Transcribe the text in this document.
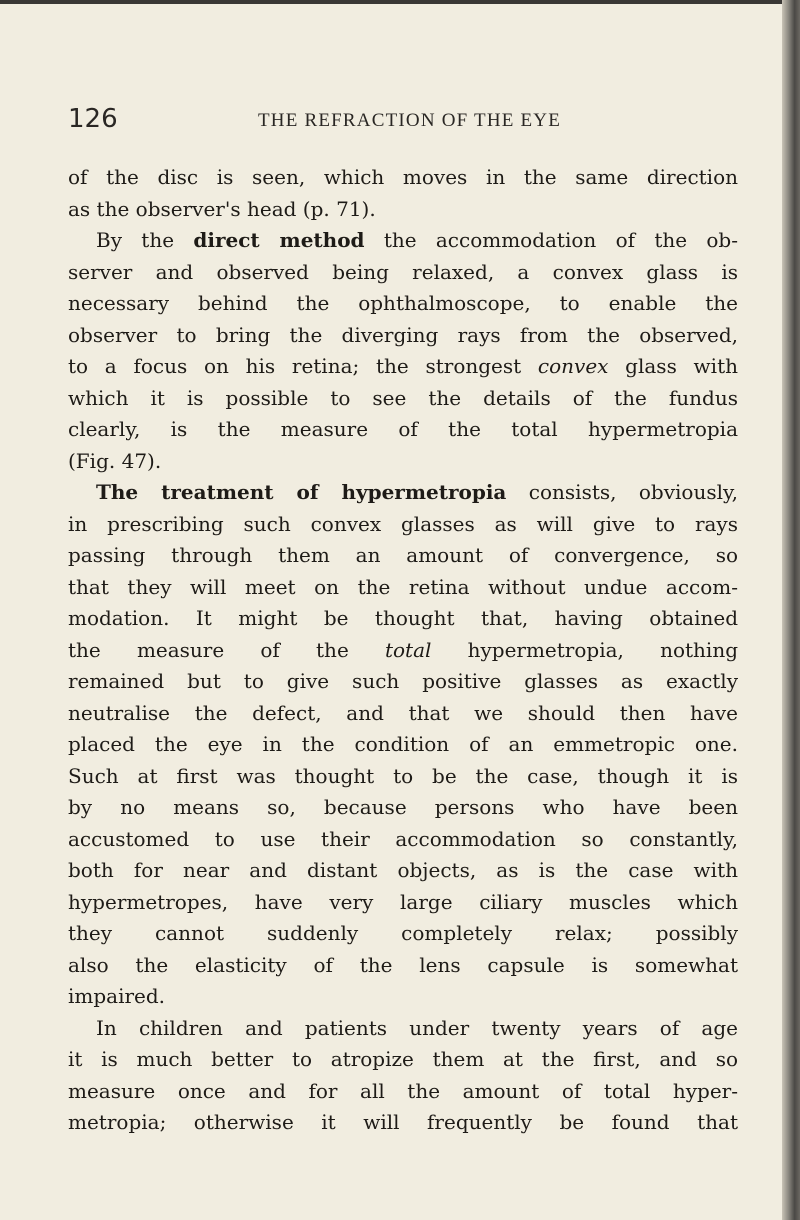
126	THE REFRACTION OF THE EYE
of the disc is seen, which moves in the same direction
as the observer's head (p. 71).
By the direct method the accommodation of the ob-
server and observed being relaxed, a convex glass is
necessary behind the ophthalmoscope, to enable the
observer to bring the diverging rays from the observed,
to a focus on his retina; the strongest convex glass with
which it is possible to see the details of the fundus
clearly, is the measure of the total hypermetropia
(Fig. 47).
The treatment of hypermetropia consists, obviously,
in prescribing such convex glasses as will give to rays
passing through them an amount of convergence, so
that they will meet on the retina without undue accom-
modation. It might be thought that, having obtained
the measure of the total hypermetropia, nothing
remained but to give such positive glasses as exactly
neutralise the defect, and that we should then have
placed the eye in the condition of an emmetropic one.
Such at first was thought to be the case, though it is
by no means so, because persons who have been
accustomed to use their accommodation so constantly,
both for near and distant objects, as is the case with
hypermetropes, have very large ciliary muscles which
they cannot suddenly completely relax; possibly
also the elasticity of the lens capsule is somewhat
impaired.
In children and patients under twenty years of age
it is much better to atropize them at the first, and so
measure once and for all the amount of total hyper-
metropia; otherwise it will frequently be found that
